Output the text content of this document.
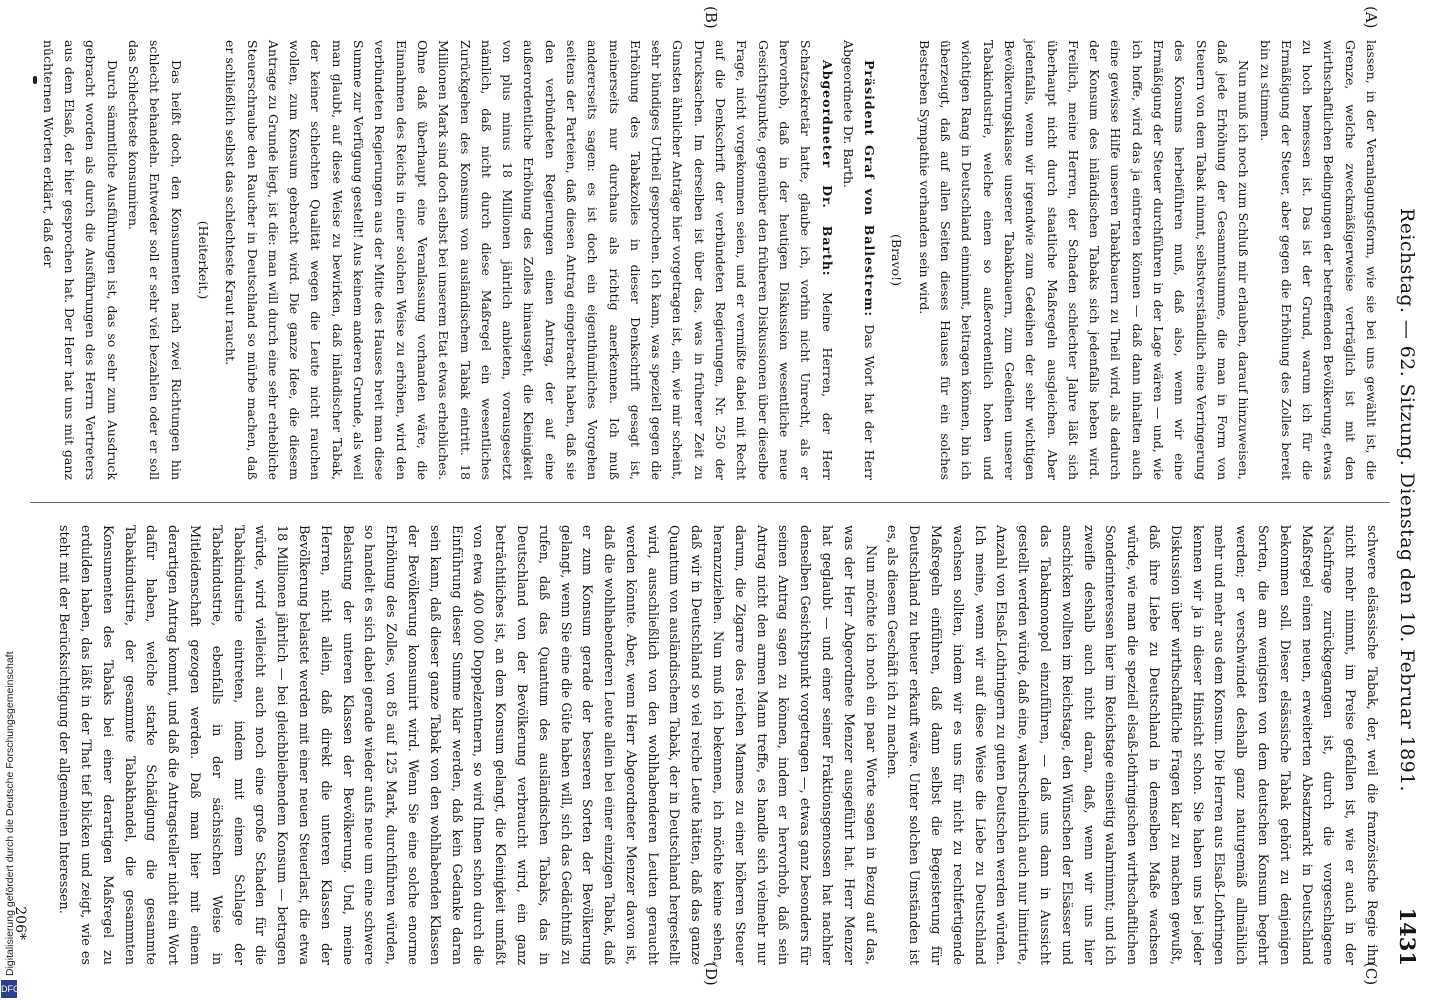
Reichstag. — 62. Sitzung. Dienstag den 10. Februar 1891.
1431
(A)
(C)
(B)
(D)

lassen, in der Veranlagungsform, wie sie bei uns gewählt ist, die Grenze, welche zweckmäßigerweise verträglich ist mit den wirthschaftlichen Bedingungen der betreffenden Bevölkerung, etwas zu hoch bemessen ist. Das ist der Grund, warum ich für die Ermäßigung der Steuer, aber gegen die Erhöhung des Zolles bereit bin zu stimmen.

Nun muß ich noch zum Schluß mir erlauben, darauf hinzuweisen, daß jede Erhöhung der Gesammtsumme, die man in Form von Steuern von dem Tabak nimmt, selbstverständlich eine Verringerung des Konsums herbeiführen muß, daß also, wenn wir eine Ermäßigung der Steuer durchführen in der Lage wären — und, wie ich hoffe, wird das ja eintreten können — daß dann inhalten auch eine gewisse Hilfe unseren Tabakbauern zu Theil wird, als dadurch der Konsum des inländischen Tabaks sich jedenfalls heben wird. Freilich, meine Herren, der Schaden schlechter Jahre läßt sich überhaupt nicht durch staatliche Maßregeln ausgleichen. Aber jedenfalls, wenn wir irgendwie zum Gedeihen der sehr wichtigen Bevölkerungsklasse unserer Tabakbauern, zum Gedeihen unserer Tabakindustrie, welche einen so außerordentlich hohen und wichtigen Rang in Deutschland einnimmt, beitragen können, bin ich überzeugt, daß auf allen Seiten dieses Hauses für ein solches Bestreben Sympathie vorhanden sein wird.

(Bravo!)

Präsident Graf von Ballestrem: Das Wort hat der Herr Abgeordnete Dr. Barth.

Abgeordneter Dr. Barth: Meine Herren, der Herr Schatzsekretär hatte, glaube ich, vorhin nicht Unrecht, als er hervorhob, daß in der heutigen Diskussion wesentliche neue Gesichtspunkte, gegenüber den früheren Diskussionen über dieselbe Frage, nicht vorgekommen seien, und er vermißte dabei mit Recht auf die Denkschrift der verbündeten Regierungen, Nr. 250 der Drucksachen. Im derselben ist über das, was in früherer Zeit zu Gunsten ähnlicher Anträge hier vorgetragen ist, ein, wie mir scheint, sehr bündiges Urtheil gesprochen. Ich kann, was speziell gegen die Erhöhung des Tabakzolles in dieser Denkschrift gesagt ist, meinerseits nur durchaus als richtig anerkennen. Ich muß andererseits sagen: es ist doch ein eigenthümliches Vorgehen seitens der Parteien, daß diesen Antrag eingebracht haben, daß sie den verbündeten Regierungen einen Antrag, der auf eine außerordentliche Erhöhung des Zolles hinausgeht, die Kleinigkeit von plus minus 18 Millionen jährlich anbieten, vorausgesetzt nämlich, daß nicht durch diese Maßregel ein wesentliches Zurückgehen des Konsums von ausländischem Tabak eintritt. 18 Millionen Mark sind doch selbst bei unserem Etat etwas erhebliches. Ohne daß überhaupt eine Veranlassung vorhanden wäre, die Einnahmen des Reichs in einer solchen Weise zu erhöhen, wird den verbündeten Regierungen aus der Mitte des Hauses breit man diese Summe zur Verfügung gestellt! Aus keinem anderen Grunde, als weil man glaubt, auf diese Weise zu bewirken, daß inländischer Tabak, der keiner schlechten Qualität wegen die Leute nicht rauchen wollen, zum Konsum gebracht wird. Die ganze Idee, die diesem Antrage zu Grunde liegt, ist die: man will durch eine sehr erhebliche Steuerschraube den Raucher in Deutschland so mürbe machen, daß er schließlich selbst das schlechteste Kraut raucht.

(Heiterkeit.)

Das heißt doch, den Konsumenten nach zwei Richtungen hin schlecht behandeln. Entweder soll er sehr viel bezahlen oder er soll das Schlechteste konsumiren.

Durch sämmtliche Ausführungen ist, das so sehr zum Ausdruck gebracht worden als durch die Ausführungen des Herrn Vertreters aus dem Elsaß, der hier gesprochen hat. Der Herr hat uns mit ganz nüchternen Worten erklärt, daß der

schwere elsässische Tabak, der, weil die französische Regie ihn nicht mehr nimmt, im Preise gefallen ist, wie er auch in der Nachfrage zurückgegangen ist, durch die vorgeschlagene Maßregel einen neuen, erweiterten Absatzmarkt in Deutschland bekommen soll. Dieser elsässische Tabak gehört zu denjenigen Sorten, die am wenigsten von dem deutschen Konsum begehrt werden; er verschwindet deshalb ganz naturgemäß allmählich mehr und mehr aus dem Konsum. Die Herren aus Elsaß-Lothringen kennen wir ja in dieser Hinsicht schon. Sie haben uns bei jeder Diskussion über wirthschaftliche Fragen klar zu machen gewußt, daß ihre Liebe zu Deutschland in demselben Maße wachsen würde, wie man die speziell elsaß-lothringischen wirthschaftlichen Sonderinteressen hier im Reichstage einseitig wahrnimmt; und ich zweifle deshalb auch nicht daran, daß, wenn wir uns hier anschicken wollten im Reichstage, den Wünschen der Elsässer und das Tabakmonopol einzuführen, — daß uns dann in Aussicht gestellt werden würde, daß eine, wahrscheinlich auch nur limitirte, Anzahl von Elsaß-Lothringern zu guten Deutschen werden würden. Ich meine, wenn wir auf diese Weise die Liebe zu Deutschland wachsen sollten, indem wir es uns für nicht zu rechtfertigende Maßregeln einführen, daß dann selbst die Begeisterung für Deutschland zu theuer erkauft wäre. Unter solchen Umständen ist es, als diesem Geschäft ich zu machen.

Nun möchte ich noch ein paar Worte sagen in Bezug auf das, was der Herr Abgeordnete Menzer ausgeführt hat. Herr Menzer hat geglaubt — und einer seiner Fraktionsgenossen hat nachher denselben Gesichtspunkt vorgetragen —, etwas ganz besonders für seinen Antrag sagen zu können, indem er hervorhob, daß sein Antrag nicht den armen Mann treffe, es handle sich vielmehr nur darum, die Zigarre des reichen Mannes zu einer höheren Steuer heranzuziehen. Nun muß ich bekennen, ich möchte keine sehen, daß wir in Deutschland so viel reiche Leute hätten, daß das ganze Quantum von ausländischem Tabak, der in Deutschland hergestellt wird, ausschließlich von den wohlhabenderen Leuten geraucht werden könnte. Aber, wenn Herr Abgeordneter Menzer davon ist, daß die wohlhabenderen Leute allein bei einer einzigen Tabak, daß er zum Konsum gerade der besseren Sorten der Bevölkerung gelangt, wenn Sie eine die Güte haben will, sich das Gedächtniß zu rufen, daß das Quantum des ausländischen Tabaks, das in Deutschland von der Bevölkerung verbraucht wird, ein ganz beträchtliches ist, an dem Konsum gelangt, die Kleinigkeit umfaßt von etwa 400 000 Doppelzentnern, so wird Ihnen schon durch die Einführung dieser Summe klar werden, daß kein Gedanke daran sein kann, daß dieser ganze Tabak von den wohlhabenden Klassen der Bevölkerung konsumirt wird. Wenn Sie eine solche enorme Erhöhung des Zolles, von 85 auf 125 Mark, durchführen würden, so handelt es sich dabei gerade wieder aufs neue um eine schwere Belastung der unteren Klassen der Bevölkerung. Und, meine Herren, nicht allein, daß direkt die unteren Klassen der Bevölkerung belastet werden mit einer neuen Steuerlast, die etwa 18 Millionen jährlich — bei gleichbleibendem Konsum — betragen würde, wird vielleicht auch noch eine große Schaden für die Tabakindustrie eintreten, indem mit einem Schlage der Tabakindustrie, ebenfalls in der sächsischen Weise in Mitleidenschaft gezogen werden. Daß man hier mit einem derartigen Antrag kommt, und daß die Antragsteller nicht ein Wort dafür haben, welche starke Schädigung die gesammte Tabakindustrie, der gesammte Tabakhandel, die gesammten Konsumenten des Tabaks bei einer derartigen Maßregel zu erdulden haben, das läßt in der That tief blicken und zeigt, wie es steht mit der Berücksichtigung der allgemeinen Interessen.

206*
Digitalisierung gefördert durch die Deutsche Forschungsgemeinschaft
DFG
